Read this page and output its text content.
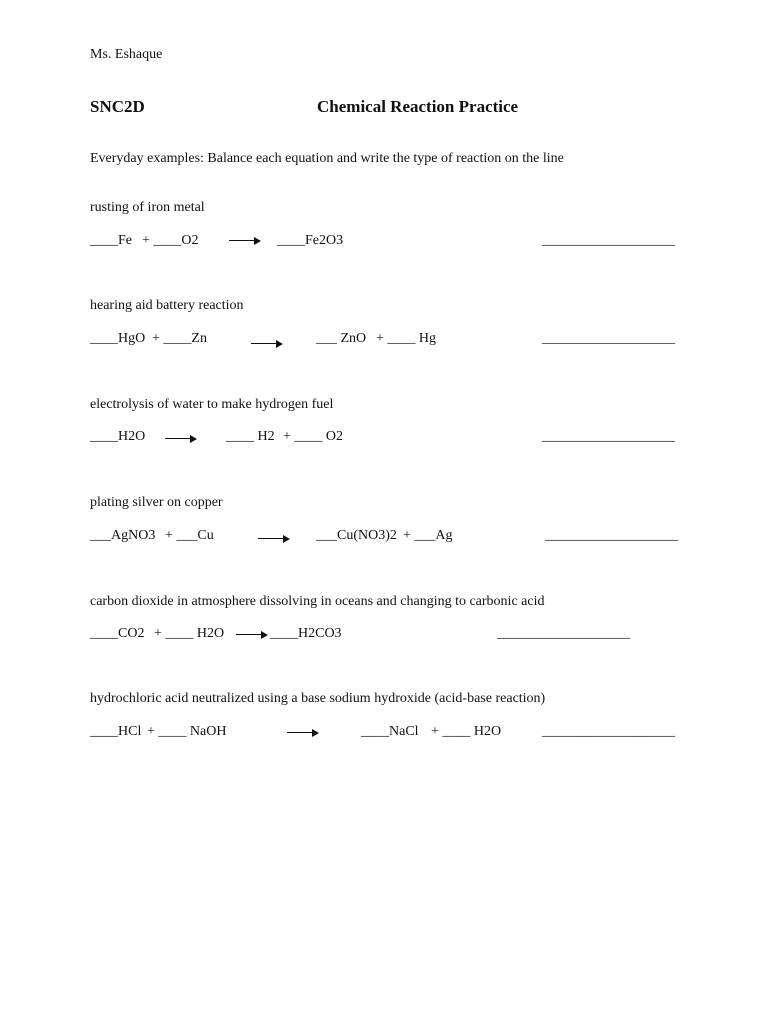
Ms. Eshaque
SNC2D	Chemical Reaction Practice
Everyday examples: Balance each equation and write the type of reaction on the line
rusting of iron metal
____Fe + ____O2	____Fe2O3	___________________
hearing aid battery reaction
____HgO + ____Zn	___ ZnO + ____ Hg	___________________
electrolysis of water to make hydrogen fuel
____H2O	____ H2 + ____ O2	___________________
plating silver on copper
___AgNO3 + ___Cu	___Cu(NO3)2 + ___Ag	___________________
carbon dioxide in atmosphere dissolving in oceans and changing to carbonic acid
____CO2 + ____ H2O	____H2CO3	___________________
hydrochloric acid neutralized using a base sodium hydroxide (acid-base reaction)
____HCl + ____ NaOH	____NaCl + ____ H2O	___________________
